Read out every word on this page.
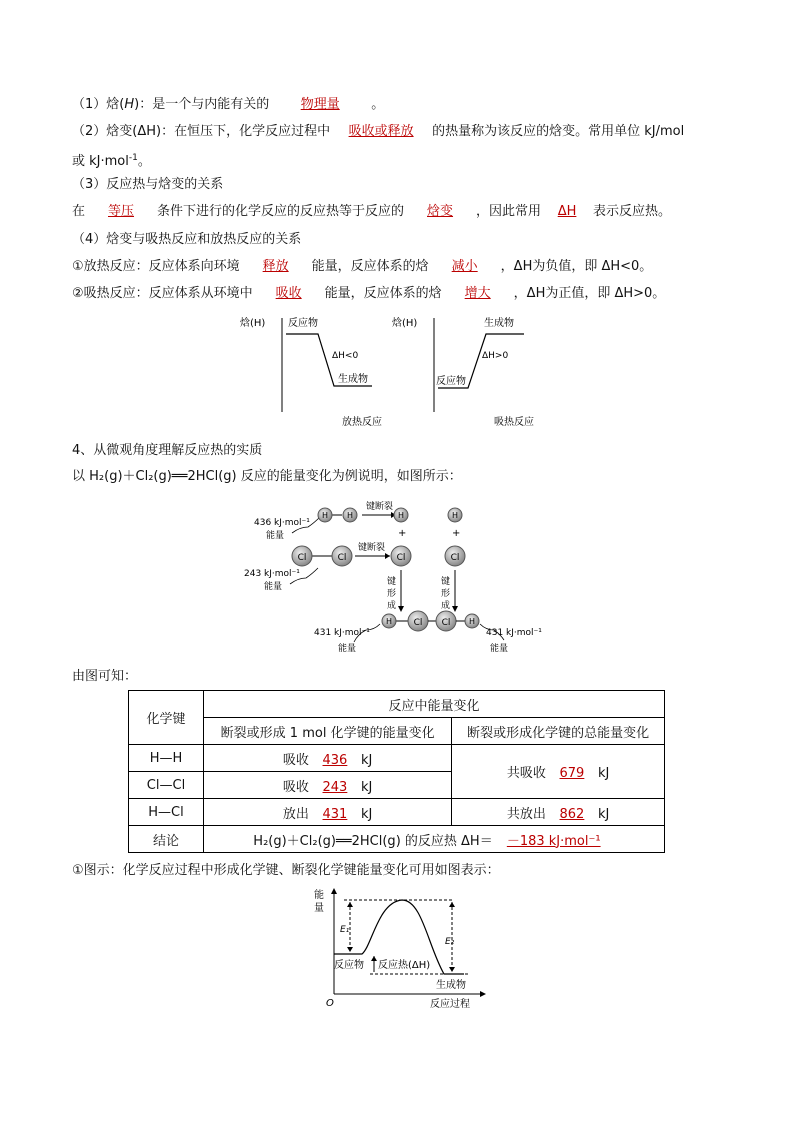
（1）焓(H)：是一个与内能有关的 物理量 。
（2）焓变(ΔH)：在恒压下，化学反应过程中 吸收或释放 的热量称为该反应的焓变。常用单位 kJ/mol
或 kJ·mol$^{-1}$。
（3）反应热与焓变的关系
在 等压 条件下进行的化学反应的反应热等于反应的 焓变 ，因此常用 ΔH 表示反应热。
（4）焓变与吸热反应和放热反应的关系
①放热反应：反应体系向环境 释放 能量，反应体系的焓 减小 ，ΔH为负值，即 ΔH<0。
②吸热反应：反应体系从环境中 吸收 能量，反应体系的焓 增大 ，ΔH为正值，即 ΔH>0。
焓(H) 反应物
ΔH<0
生成物
放热反应
焓(H)	生成物
ΔH>0
反应物
吸热反应
4、从微观角度理解反应热的实质
以 H₂(g)＋Cl₂(g)══2HCl(g) 反应的能量变化为例说明，如图所示：
436 kJ·mol⁻¹
能量
H H
键断裂
H	H
+	+
Cl	Cl
键断裂
Cl	Cl
243 kJ·mol⁻¹
能量	键
形
成
键
形
成
H Cl Cl H
431 kJ·mol⁻¹
能量
431 kJ·mol⁻¹
能量
由图可知：
化学键	反应中能量变化	
	断裂或形成 1 mol 化学键的能量变化	断裂或形成化学键的总能量变化
H—H	吸收 436 kJ	共吸收 679 kJ
Cl—Cl	吸收 243 kJ	
H—Cl	放出 431 kJ	共放出 862 kJ
结论	H₂(g)＋Cl₂(g)══2HCl(g) 的反应热 ΔH＝ －183 kJ·mol⁻¹	
①图示：化学反应过程中形成化学键、断裂化学键能量变化可用如图表示：
能
量
E₁
E₂
反应物 反应热(ΔH)
生成物
O	反应过程
